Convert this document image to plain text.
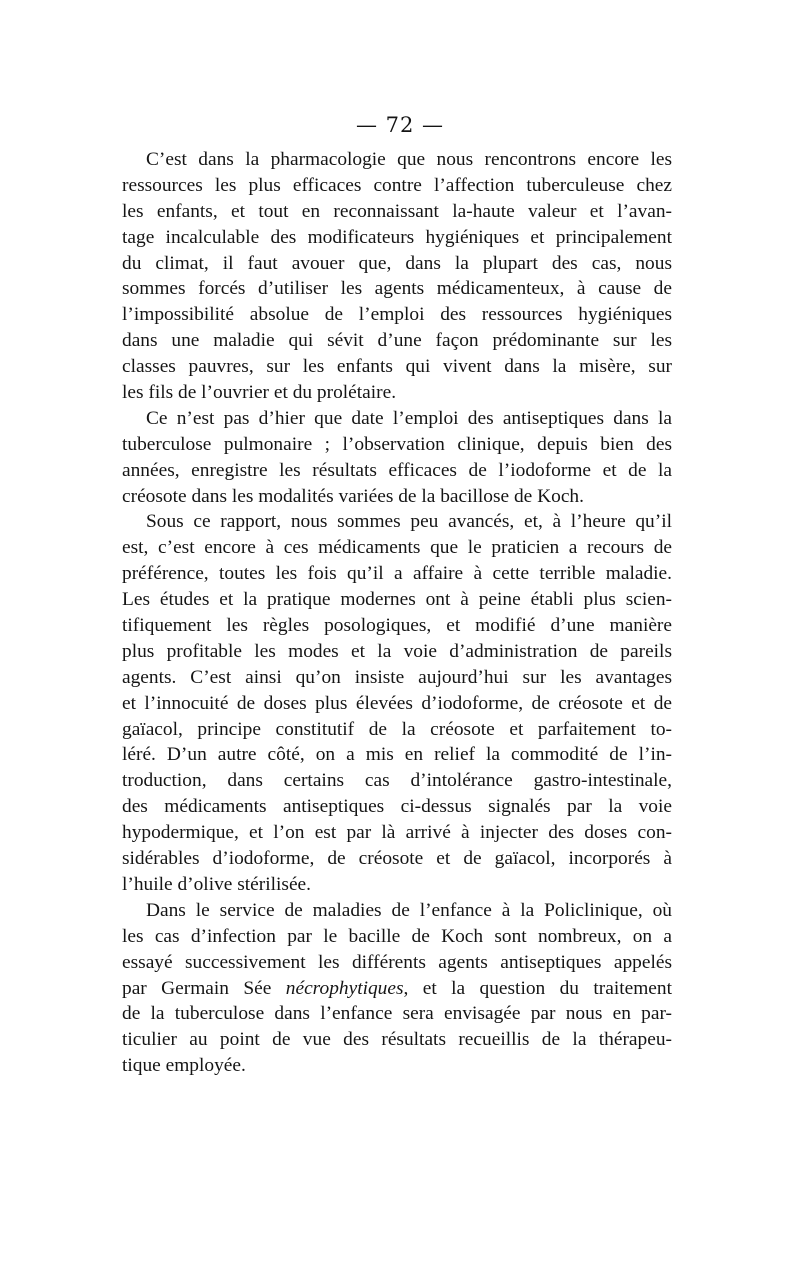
— 72 —
C’est dans la pharmacologie que nous rencontrons encore les
ressources les plus efficaces contre l’affection tuberculeuse chez
les enfants, et tout en reconnaissant la-haute valeur et l’avan-
tage incalculable des modificateurs hygiéniques et principalement
du climat, il faut avouer que, dans la plupart des cas, nous
sommes forcés d’utiliser les agents médicamenteux, à cause de
l’impossibilité absolue de l’emploi des ressources hygiéniques
dans une maladie qui sévit d’une façon prédominante sur les
classes pauvres, sur les enfants qui vivent dans la misère, sur
les fils de l’ouvrier et du prolétaire.
Ce n’est pas d’hier que date l’emploi des antiseptiques dans la
tuberculose pulmonaire ; l’observation clinique, depuis bien des
années, enregistre les résultats efficaces de l’iodoforme et de la
créosote dans les modalités variées de la bacillose de Koch.
Sous ce rapport, nous sommes peu avancés, et, à l’heure qu’il
est, c’est encore à ces médicaments que le praticien a recours de
préférence, toutes les fois qu’il a affaire à cette terrible maladie.
Les études et la pratique modernes ont à peine établi plus scien-
tifiquement les règles posologiques, et modifié d’une manière
plus profitable les modes et la voie d’administration de pareils
agents. C’est ainsi qu’on insiste aujourd’hui sur les avantages
et l’innocuité de doses plus élevées d’iodoforme, de créosote et de
gaïacol, principe constitutif de la créosote et parfaitement to-
léré. D’un autre côté, on a mis en relief la commodité de l’in-
troduction, dans certains cas d’intolérance gastro-intestinale,
des médicaments antiseptiques ci-dessus signalés par la voie
hypodermique, et l’on est par là arrivé à injecter des doses con-
sidérables d’iodoforme, de créosote et de gaïacol, incorporés à
l’huile d’olive stérilisée.
Dans le service de maladies de l’enfance à la Policlinique, où
les cas d’infection par le bacille de Koch sont nombreux, on a
essayé successivement les différents agents antiseptiques appelés
par Germain Sée nécrophytiques, et la question du traitement
de la tuberculose dans l’enfance sera envisagée par nous en par-
ticulier au point de vue des résultats recueillis de la thérapeu-
tique employée.
